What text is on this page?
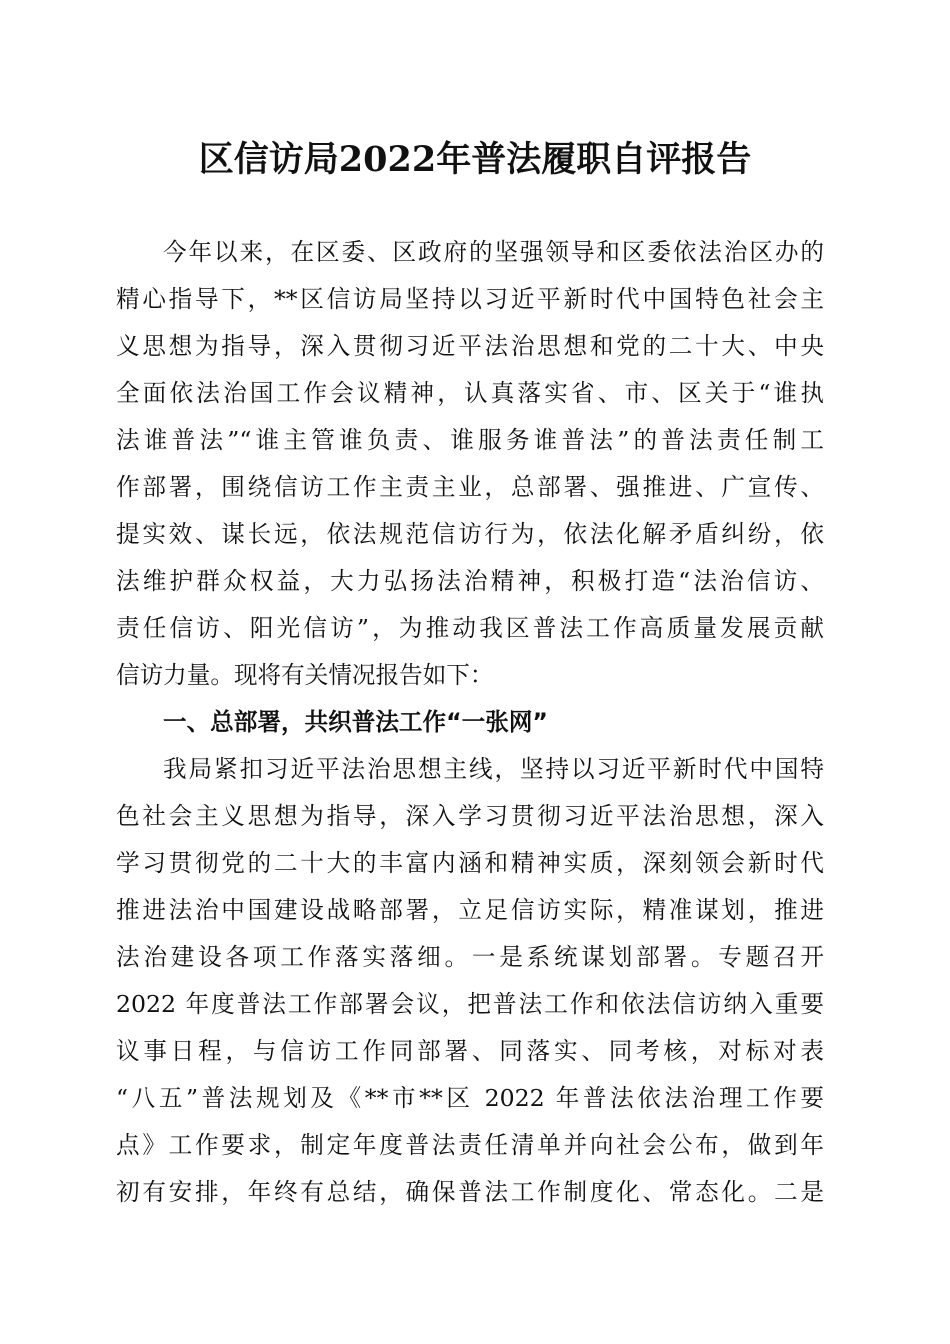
区信访局2022年普法履职自评报告
今年以来，在区委、区政府的坚强领导和区委依法治区办的
精心指导下，**区信访局坚持以习近平新时代中国特色社会主
义思想为指导，深入贯彻习近平法治思想和党的二十大、中央
全面依法治国工作会议精神，认真落实省、市、区关于“谁执
法谁普法”“谁主管谁负责、谁服务谁普法”的普法责任制工
作部署，围绕信访工作主责主业，总部署、强推进、广宣传、
提实效、谋长远，依法规范信访行为，依法化解矛盾纠纷，依
法维护群众权益，大力弘扬法治精神，积极打造“法治信访、
责任信访、阳光信访”，为推动我区普法工作高质量发展贡献
信访力量。现将有关情况报告如下：
一、总部署，共织普法工作“一张网”
我局紧扣习近平法治思想主线，坚持以习近平新时代中国特
色社会主义思想为指导，深入学习贯彻习近平法治思想，深入
学习贯彻党的二十大的丰富内涵和精神实质，深刻领会新时代
推进法治中国建设战略部署，立足信访实际，精准谋划，推进
法治建设各项工作落实落细。一是系统谋划部署。专题召开
2022 年度普法工作部署会议，把普法工作和依法信访纳入重要
议事日程，与信访工作同部署、同落实、同考核，对标对表
“八五”普法规划及《**市**区 2022 年普法依法治理工作要
点》工作要求，制定年度普法责任清单并向社会公布，做到年
初有安排，年终有总结，确保普法工作制度化、常态化。二是
